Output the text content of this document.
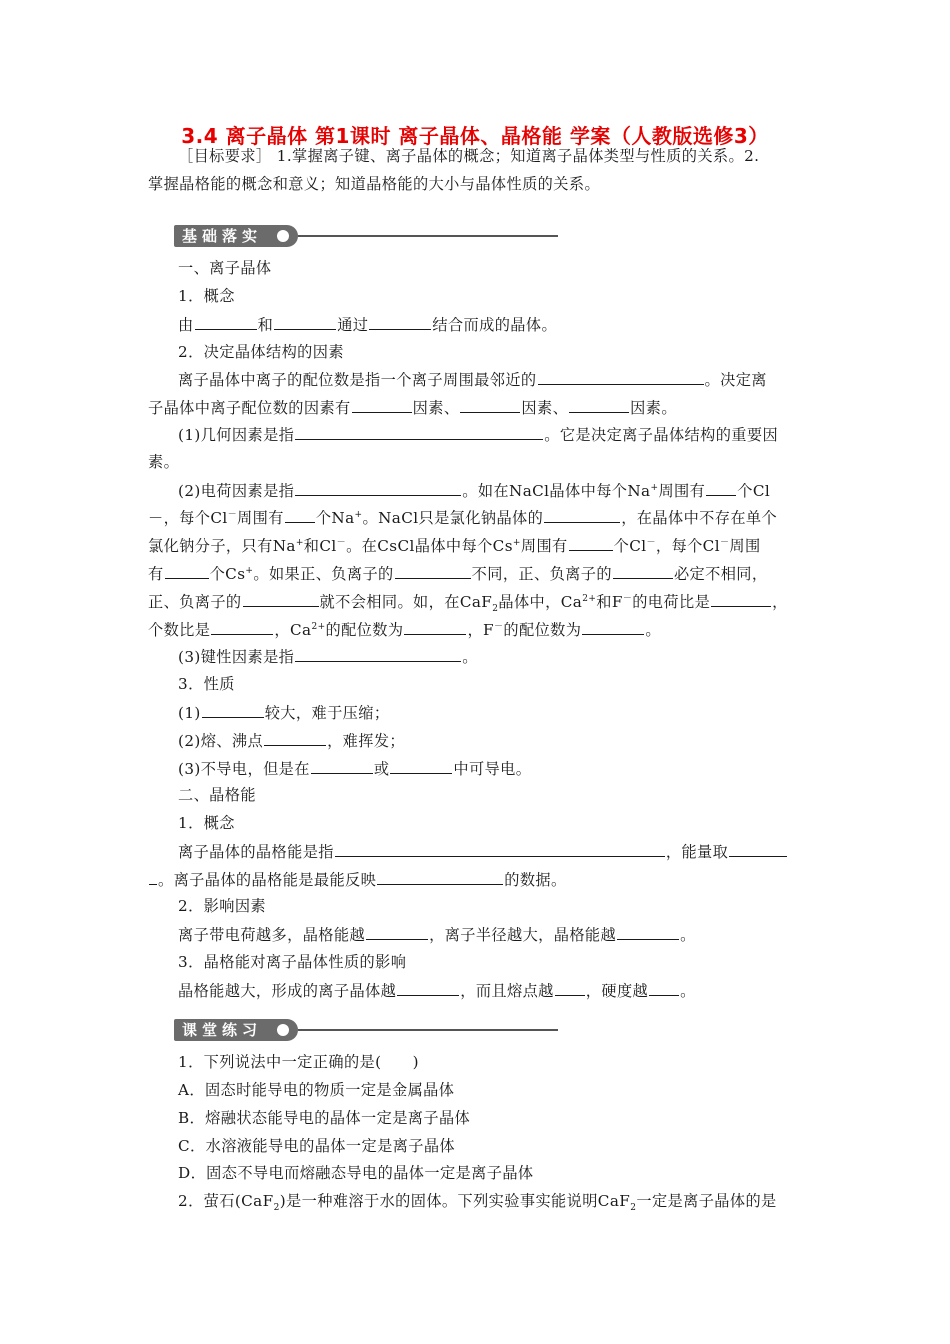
3.4 离子晶体 第1课时 离子晶体、晶格能 学案（人教版选修3）
［目标要求］ 1.掌握离子键、离子晶体的概念；知道离子晶体类型与性质的关系。2.
掌握晶格能的概念和意义；知道晶格能的大小与晶体性质的关系。
基础落实
一、离子晶体
1．概念
由	和	通过	结合而成的晶体。
2．决定晶体结构的因素
离子晶体中离子的配位数是指一个离子周围最邻近的	。决定离
子晶体中离子配位数的因素有	因素、	因素、	因素。
(1)几何因素是指	。它是决定离子晶体结构的重要因
素。
(2)电荷因素是指	。如在NaCl晶体中每个Na+周围有 个Cl
－，每个Cl－周围有 个Na+。NaCl只是氯化钠晶体的	，在晶体中不存在单个
氯化钠分子，只有Na+和Cl－。在CsCl晶体中每个Cs+周围有	个Cl－，每个Cl－周围
有	个Cs+。如果正、负离子的	不同，正、负离子的	必定不相同，
正、负离子的	就不会相同。如，在CaF$_2$晶体中，$Ca^{2+}$和F－的电荷比是	，
个数比是	，$Ca^{2+}$的配位数为	，F－的配位数为	。
(3)键性因素是指	。
3．性质
(1)	较大，难于压缩；
(2)熔、沸点	，难挥发；
(3)不导电，但是在	或	中可导电。
二、晶格能
1．概念
离子晶体的晶格能是指	，能量取
。离子晶体的晶格能是最能反映	的数据。
2．影响因素
离子带电荷越多，晶格能越	，离子半径越大，晶格能越	。
3．晶格能对离子晶体性质的影响
晶格能越大，形成的离子晶体越	，而且熔点越 ，硬度越 。
课堂练习
1．下列说法中一定正确的是(　　)
A．固态时能导电的物质一定是金属晶体
B．熔融状态能导电的晶体一定是离子晶体
C．水溶液能导电的晶体一定是离子晶体
D．固态不导电而熔融态导电的晶体一定是离子晶体
2．萤石(CaF$_2$)是一种难溶于水的固体。下列实验事实能说明CaF$_2$一定是离子晶体的是
